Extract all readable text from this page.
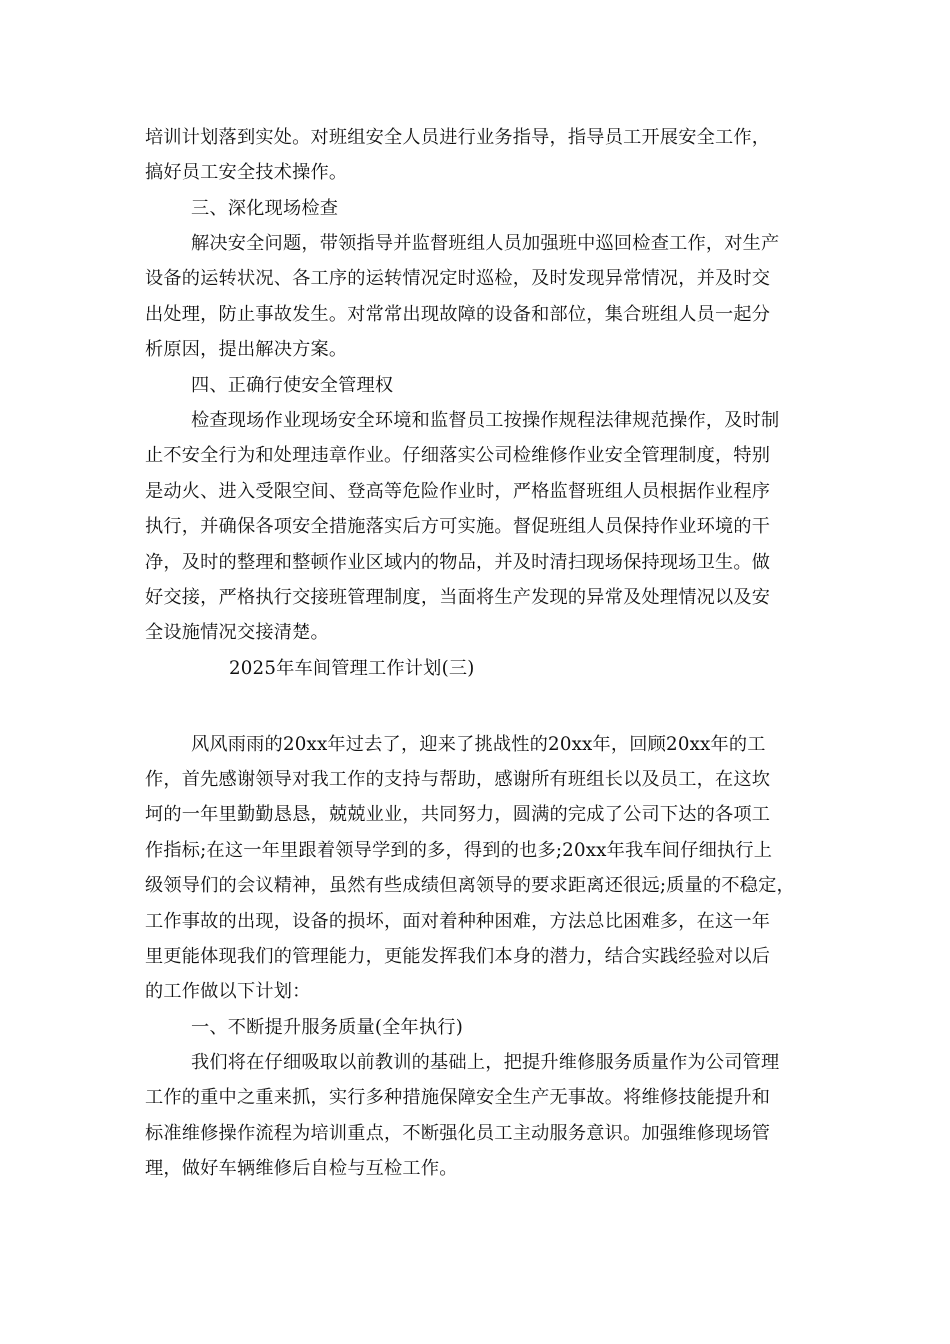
培训计划落到实处。对班组安全人员进行业务指导，指导员工开展安全工作，
搞好员工安全技术操作。
三、深化现场检查
解决安全问题，带领指导并监督班组人员加强班中巡回检查工作，对生产
设备的运转状况、各工序的运转情况定时巡检，及时发现异常情况，并及时交
出处理，防止事故发生。对常常出现故障的设备和部位，集合班组人员一起分
析原因，提出解决方案。
四、正确行使安全管理权
检查现场作业现场安全环境和监督员工按操作规程法律规范操作，及时制
止不安全行为和处理违章作业。仔细落实公司检维修作业安全管理制度，特别
是动火、进入受限空间、登高等危险作业时，严格监督班组人员根据作业程序
执行，并确保各项安全措施落实后方可实施。督促班组人员保持作业环境的干
净，及时的整理和整顿作业区域内的物品，并及时清扫现场保持现场卫生。做
好交接，严格执行交接班管理制度，当面将生产发现的异常及处理情况以及安
全设施情况交接清楚。
2025年车间管理工作计划(三)
风风雨雨的20xx年过去了，迎来了挑战性的20xx年，回顾20xx年的工
作，首先感谢领导对我工作的支持与帮助，感谢所有班组长以及员工，在这坎
坷的一年里勤勤恳恳，兢兢业业，共同努力，圆满的完成了公司下达的各项工
作指标;在这一年里跟着领导学到的多，得到的也多;20xx年我车间仔细执行上
级领导们的会议精神，虽然有些成绩但离领导的要求距离还很远;质量的不稳定，
工作事故的出现，设备的损坏，面对着种种困难，方法总比困难多，在这一年
里更能体现我们的管理能力，更能发挥我们本身的潜力，结合实践经验对以后
的工作做以下计划：
一、不断提升服务质量(全年执行)
我们将在仔细吸取以前教训的基础上，把提升维修服务质量作为公司管理
工作的重中之重来抓，实行多种措施保障安全生产无事故。将维修技能提升和
标准维修操作流程为培训重点，不断强化员工主动服务意识。加强维修现场管
理，做好车辆维修后自检与互检工作。
